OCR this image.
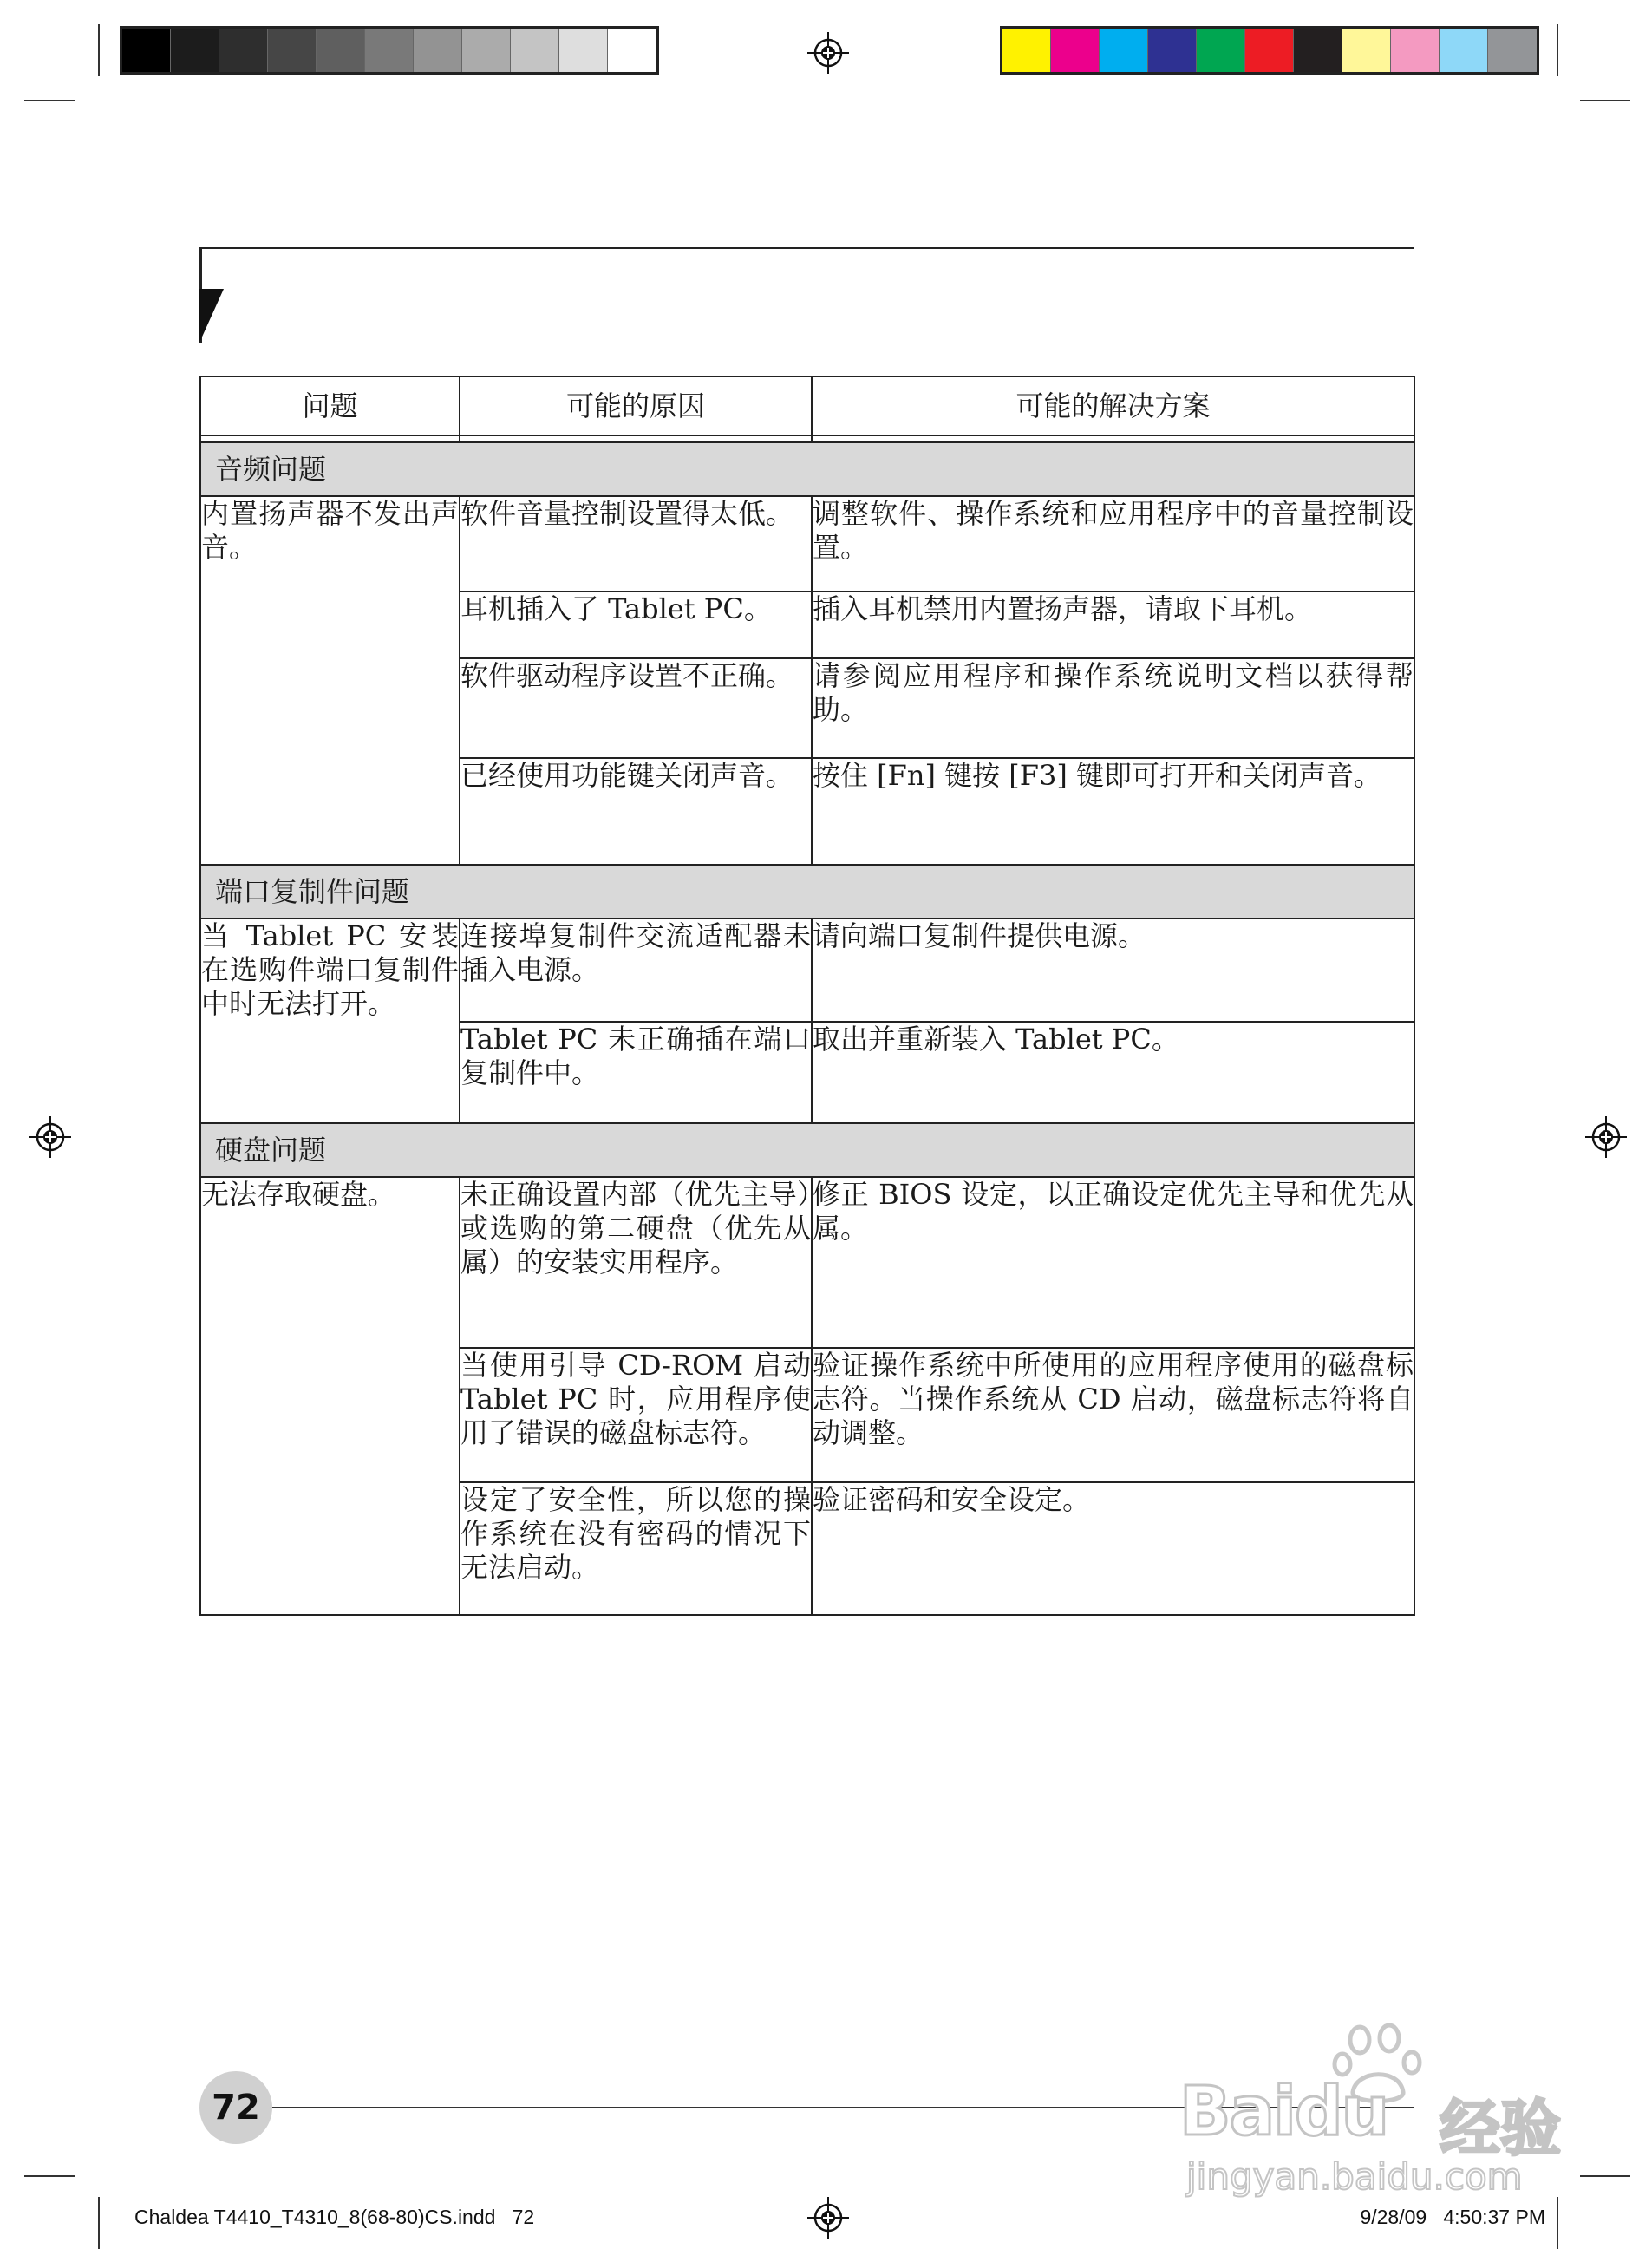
问题	可能的原因	可能的解决方案

音频问题		
内置扬声器不发出声音。	软件音量控制设置得太低。	调整软件、操作系统和应用程序中的音量控制设置。
	耳机插入了 Tablet PC。	插入耳机禁用内置扬声器，请取下耳机。
	软件驱动程序设置不正确。	请参阅应用程序和操作系统说明文档以获得帮助。
	已经使用功能键关闭声音。	按住 [Fn] 键按 [F3] 键即可打开和关闭声音。
端口复制件问题		
当 Tablet PC 安装在选购件端口复制件中时无法打开。	连接埠复制件交流适配器未插入电源。	请向端口复制件提供电源。
	Tablet PC 未正确插在端口复制件中。	取出并重新装入 Tablet PC。
硬盘问题		
无法存取硬盘。	未正确设置内部（优先主导）或选购的第二硬盘（优先从属）的安装实用程序。	修正 BIOS 设定，以正确设定优先主导和优先从属。
	当使用引导 CD-ROM 启动 Tablet PC 时，应用程序使用了错误的磁盘标志符。	验证操作系统中所使用的应用程序使用的磁盘标志符。当操作系统从 CD 启动，磁盘标志符将自动调整。
	设定了安全性，所以您的操作系统在没有密码的情况下无法启动。	验证密码和安全设定。
72	Baidu 经验
jingyan.baidu.com
Chaldea T4410_T4310_8(68-80)CS.indd   72	9/28/09   4:50:37 PM
